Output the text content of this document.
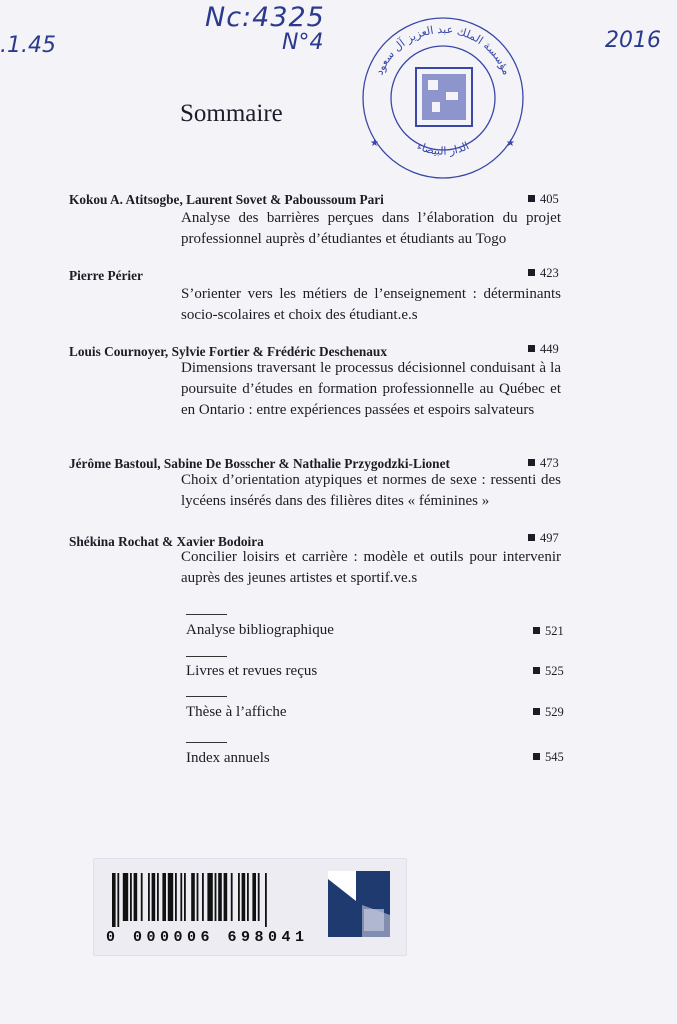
Nc:4325
N°4
.1.45	2016
مؤسسة الملك عبد العزيز آل سعود
الدار البيضاء
★	★
Sommaire
Kokou A. Atitsogbe, Laurent Sovet & Paboussoum Pari	405
Analyse des barrières perçues dans l’élaboration du projet professionnel auprès d’étudiantes et étudiants au Togo
Pierre Périer	423
S’orienter vers les métiers de l’enseignement : déterminants socio-scolaires et choix des étudiant.e.s
Louis Cournoyer, Sylvie Fortier & Frédéric Deschenaux	449
Dimensions traversant le processus décisionnel conduisant à la poursuite d’études en formation professionnelle au Québec et en Ontario : entre expériences passées et espoirs salvateurs
Jérôme Bastoul, Sabine De Bosscher & Nathalie Przygodzki-Lionet	473
Choix d’orientation atypiques et normes de sexe : ressenti des lycéens insérés dans des filières dites « féminines »
Shékina Rochat & Xavier Bodoira	497
Concilier loisirs et carrière : modèle et outils pour intervenir auprès des jeunes artistes et sportif.ve.s
Analyse bibliographique	521
Livres et revues reçus	525
Thèse à l’affiche	529
Index annuels	545
0 000006 698041
